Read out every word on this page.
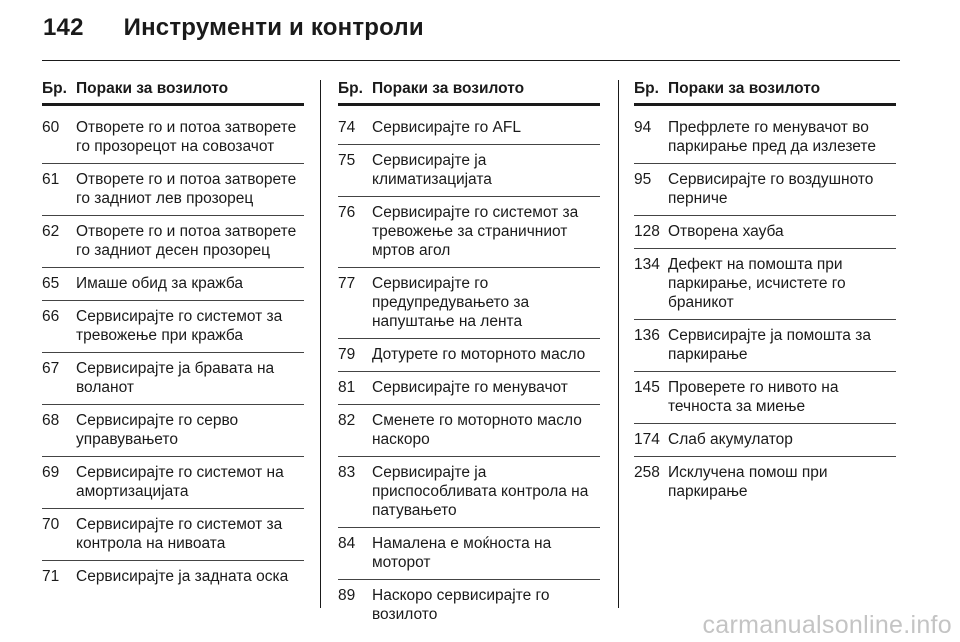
142 Инструменти и контроли
Бр. Пораки за возилото
60	Отворете го и потоа затворете го прозорецот на совозачот
61	Отворете го и потоа затворете го задниот лев прозорец
62	Отворете го и потоа затворете го задниот десен прозорец
65	Имаше обид за кражба
66	Сервисирајте го системот за тревожење при кражба
67	Сервисирајте ја бравата на воланот
68	Сервисирајте го серво управувањето
69	Сервисирајте го системот на амортизацијата
70	Сервисирајте го системот за контрола на нивоата
71	Сервисирајте ја задната оска
Бр. Пораки за возилото
74	Сервисирајте го AFL
75	Сервисирајте ја климатизацијата
76	Сервисирајте го системот за тревожење за страничниот мртов агол
77	Сервисирајте го предупредувањето за напуштање на лента
79	Дотурете го моторното масло
81	Сервисирајте го менувачот
82	Сменете го моторното масло наскоро
83	Сервисирајте ја приспособливата контрола на патувањето
84	Намалена е моќноста на моторот
89	Наскоро сервисирајте го возилото
Бр. Пораки за возилото
94	Префрлете го менувачот во паркирање пред да излезете
95	Сервисирајте го воздушното перниче
128 Отворена хауба
134 Дефект на помошта при паркирање, исчистете го браникот
136 Сервисирајте ја помошта за паркирање
145 Проверете го нивото на течноста за миење
174 Слаб акумулатор
258 Исклучена помош при паркирање
carmanualsonline.info
